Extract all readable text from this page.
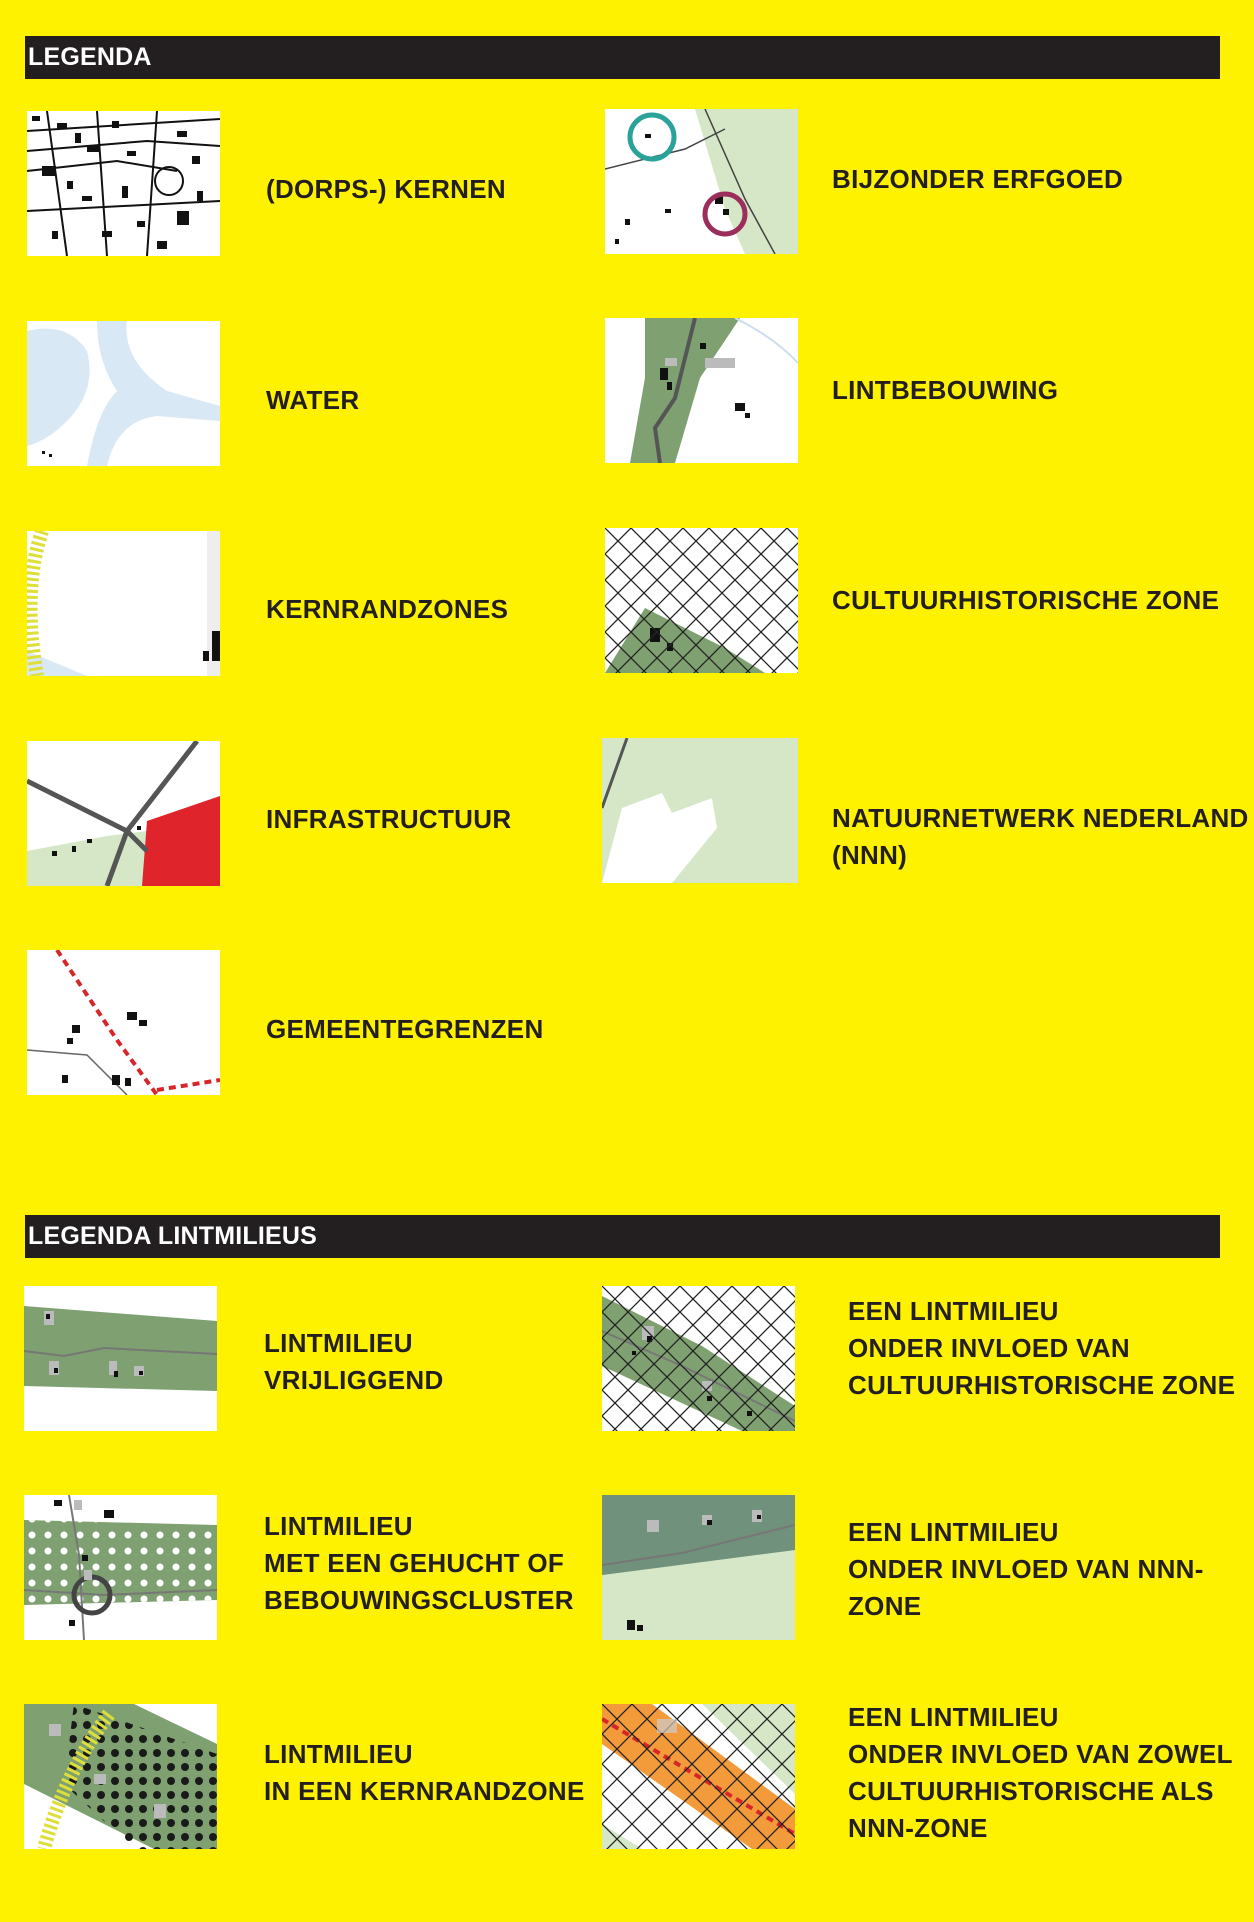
LEGENDA
(DORPS-) KERNEN	BIJZONDER ERFGOED
WATER	LINTBEBOUWING
KERNRANDZONES	CULTUURHISTORISCHE ZONE
INFRASTRUCTUUR	NATUURNETWERK NEDERLAND
(NNN)
GEMEENTEGRENZEN
LEGENDA LINTMILIEUS
LINTMILIEU
VRIJLIGGEND
EEN LINTMILIEU
ONDER INVLOED VAN
CULTUURHISTORISCHE ZONE
LINTMILIEU
MET EEN GEHUCHT OF
BEBOUWINGSCLUSTER
EEN LINTMILIEU
ONDER INVLOED VAN NNN-
ZONE
LINTMILIEU
IN EEN KERNRANDZONE
EEN LINTMILIEU
ONDER INVLOED VAN ZOWEL
CULTUURHISTORISCHE ALS
NNN-ZONE
